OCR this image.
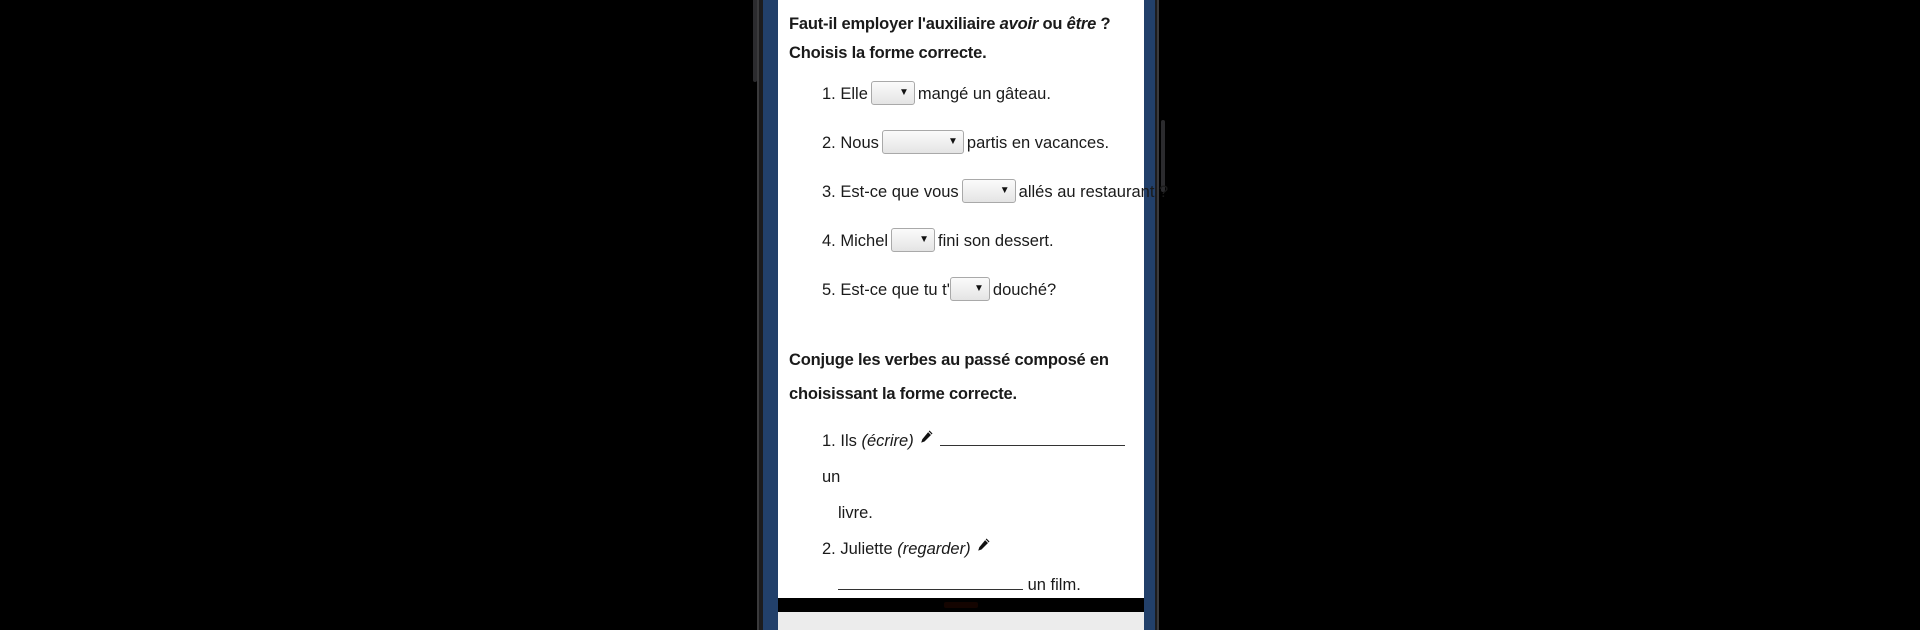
Faut-il employer l'auxiliaire avoir ou être ? Choisis la forme correcte.

1. Elle	▼ mangé un gâteau.
2. Nous	▼ partis en vacances.
3. Est-ce que vous	▼ allés au restaurant ?
4. Michel	▼ fini son dessert.
5. Est-ce que tu t' ▼ douché?

Conjuge les verbes au passé composé en choisissant la forme correcte.

1. Ils (écrire) un
livre.
2. Juliette (regarder)
un film.
